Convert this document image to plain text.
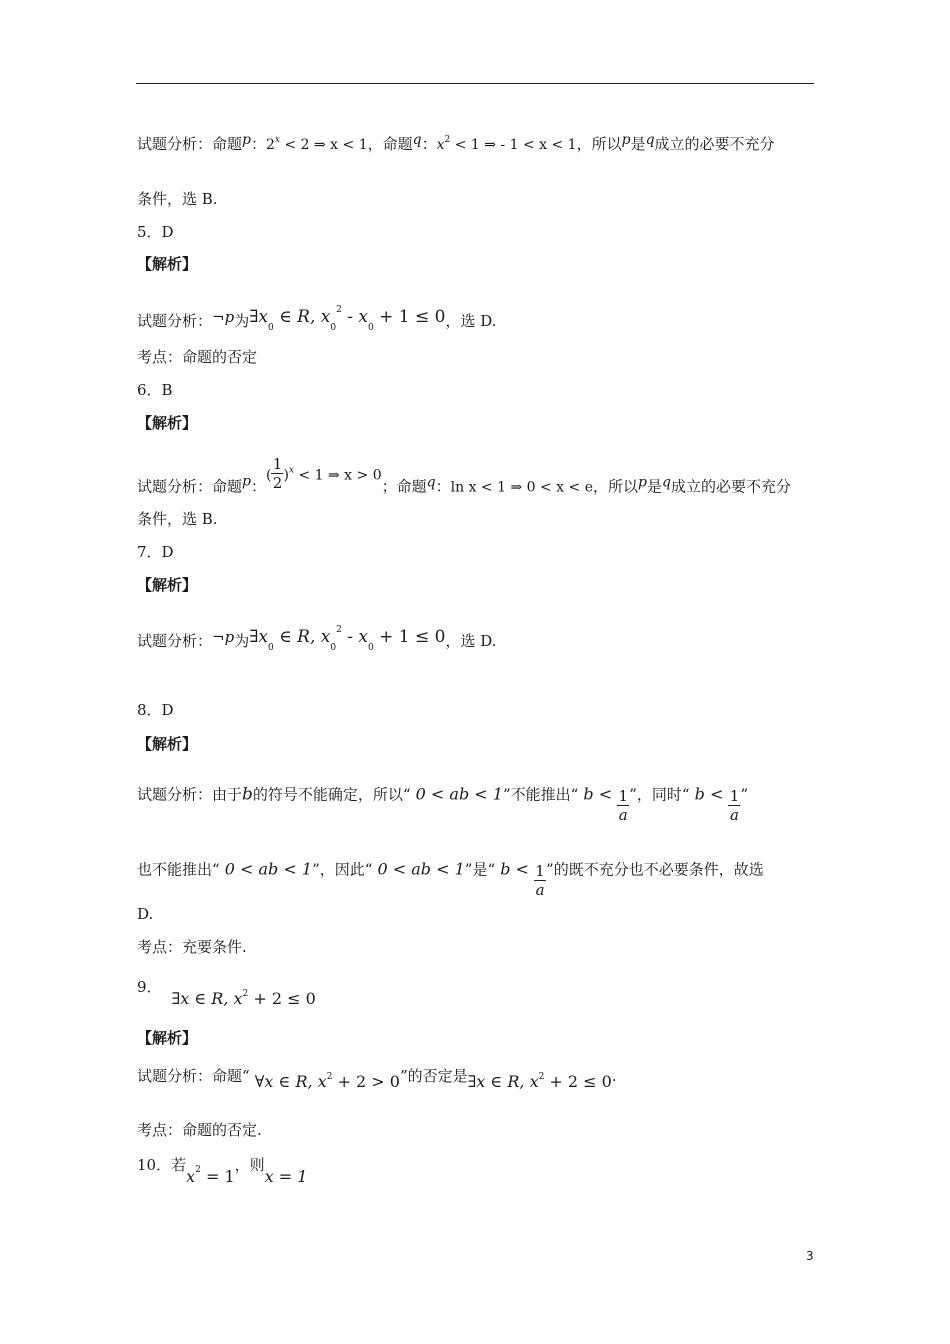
试题分析：命题p：$2^x < 2$ ⇒ x < 1，命题q：$x^2 < 1$ ⇒ - 1 < x < 1，所以p是q成立的必要不充分
条件，选 B.
5．D
【解析】
试题分析：¬p为$\exists x_0$ ∈ R, $x_0^2 - x_0 + 1 \le 0$，选 D.
考点：命题的否定
6．B
【解析】
试题分析：命题p：( $\frac{1}{2} )^x < 1$ ⇒ x > 0；命题q：ln x < 1 ⇒ 0 < x < e，所以p是q成立的必要不充分
条件，选 B.
7．D
【解析】
试题分析：¬p为$\exists x_0$ ∈ R, $x_0^2 - x_0 + 1 \le 0$，选 D.
8．D
【解析】
试题分析：由于b的符号不能确定，所以“ 0 < ab < 1”不能推出“ $b < \frac{1}{a}$ ”，同时“ $b < \frac{1}{a}$ ”
也不能推出“ 0 < ab < 1”，因此“ 0 < ab < 1”是“ $b < \frac{1}{a}$ ”的既不充分也不必要条件，故选
D.
考点：充要条件.
9．∃x ∈ R, $x^2 + 2 \le 0$
【解析】
试题分析：命题“ ∀x ∈ R, $x^2 + 2 > 0$”的否定是∃x ∈ R, $x^2 + 2 \le 0$.
考点：命题的否定.
10．若$x_2 = 1$，则x = 1
3
